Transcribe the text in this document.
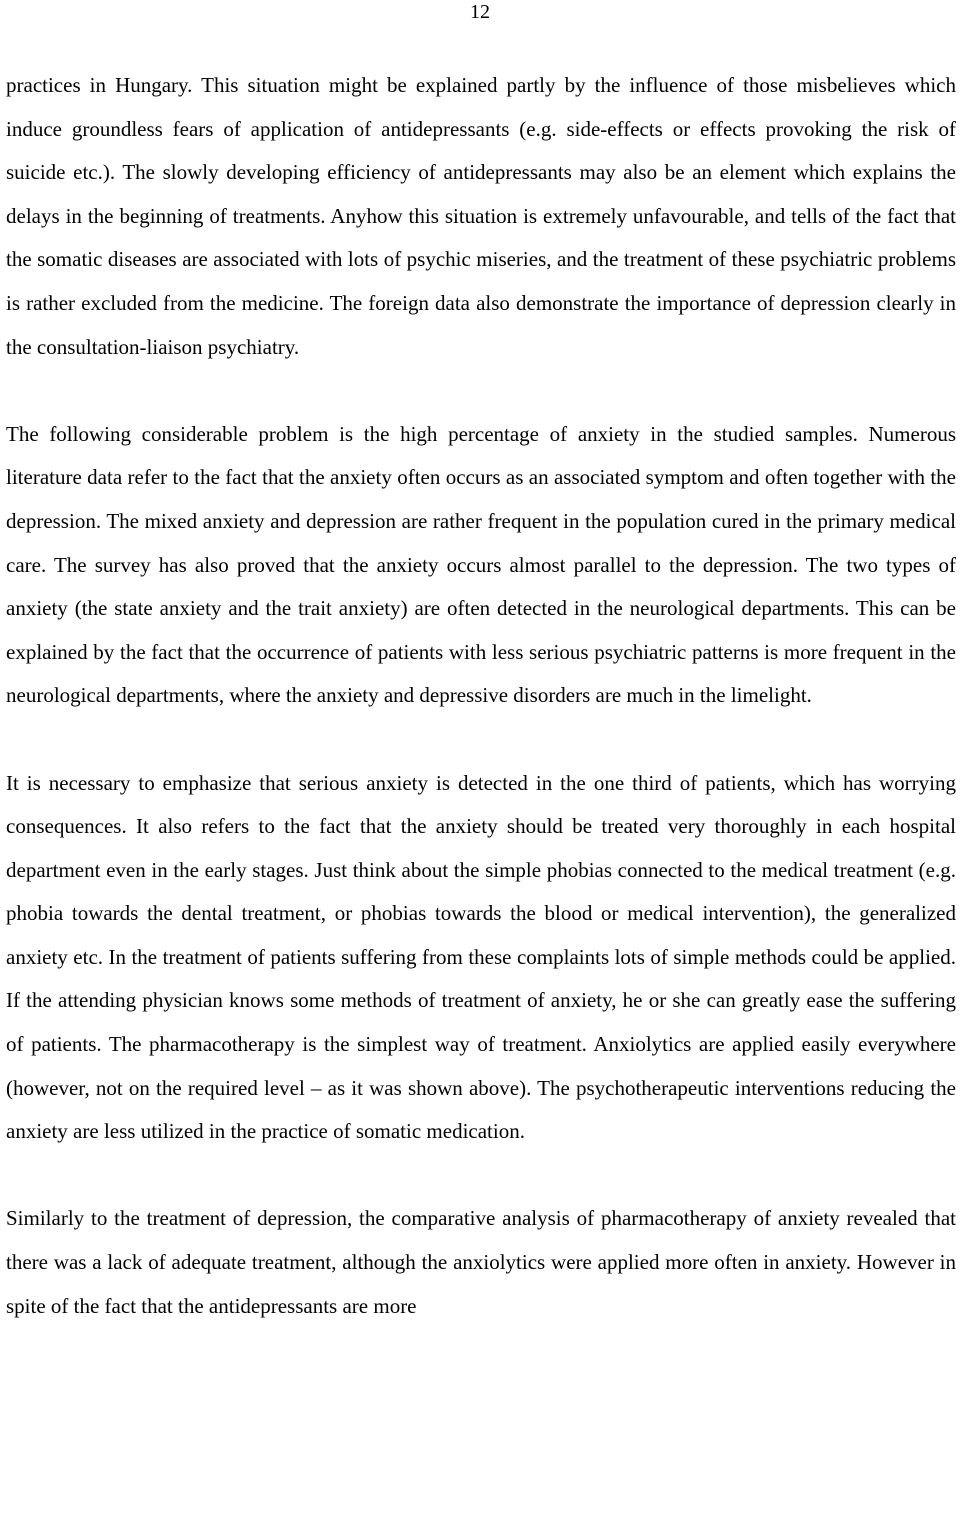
12

practices in Hungary. This situation might be explained partly by the influence of those misbelieves which induce groundless fears of application of antidepressants (e.g. side-effects or effects provoking the risk of suicide etc.). The slowly developing efficiency of antidepressants may also be an element which explains the delays in the beginning of treatments. Anyhow this situation is extremely unfavourable, and tells of the fact that the somatic diseases are associated with lots of psychic miseries, and the treatment of these psychiatric problems is rather excluded from the medicine. The foreign data also demonstrate the importance of depression clearly in the consultation-liaison psychiatry.

The following considerable problem is the high percentage of anxiety in the studied samples. Numerous literature data refer to the fact that the anxiety often occurs as an associated symptom and often together with the depression. The mixed anxiety and depression are rather frequent in the population cured in the primary medical care. The survey has also proved that the anxiety occurs almost parallel to the depression. The two types of anxiety (the state anxiety and the trait anxiety) are often detected in the neurological departments. This can be explained by the fact that the occurrence of patients with less serious psychiatric patterns is more frequent in the neurological departments, where the anxiety and depressive disorders are much in the limelight.

It is necessary to emphasize that serious anxiety is detected in the one third of patients, which has worrying consequences. It also refers to the fact that the anxiety should be treated very thoroughly in each hospital department even in the early stages. Just think about the simple phobias connected to the medical treatment (e.g. phobia towards the dental treatment, or phobias towards the blood or medical intervention), the generalized anxiety etc. In the treatment of patients suffering from these complaints lots of simple methods could be applied. If the attending physician knows some methods of treatment of anxiety, he or she can greatly ease the suffering of patients. The pharmacotherapy is the simplest way of treatment. Anxiolytics are applied easily everywhere (however, not on the required level – as it was shown above). The psychotherapeutic interventions reducing the anxiety are less utilized in the practice of somatic medication.

Similarly to the treatment of depression, the comparative analysis of pharmacotherapy of anxiety revealed that there was a lack of adequate treatment, although the anxiolytics were applied more often in anxiety. However in spite of the fact that the antidepressants are more
